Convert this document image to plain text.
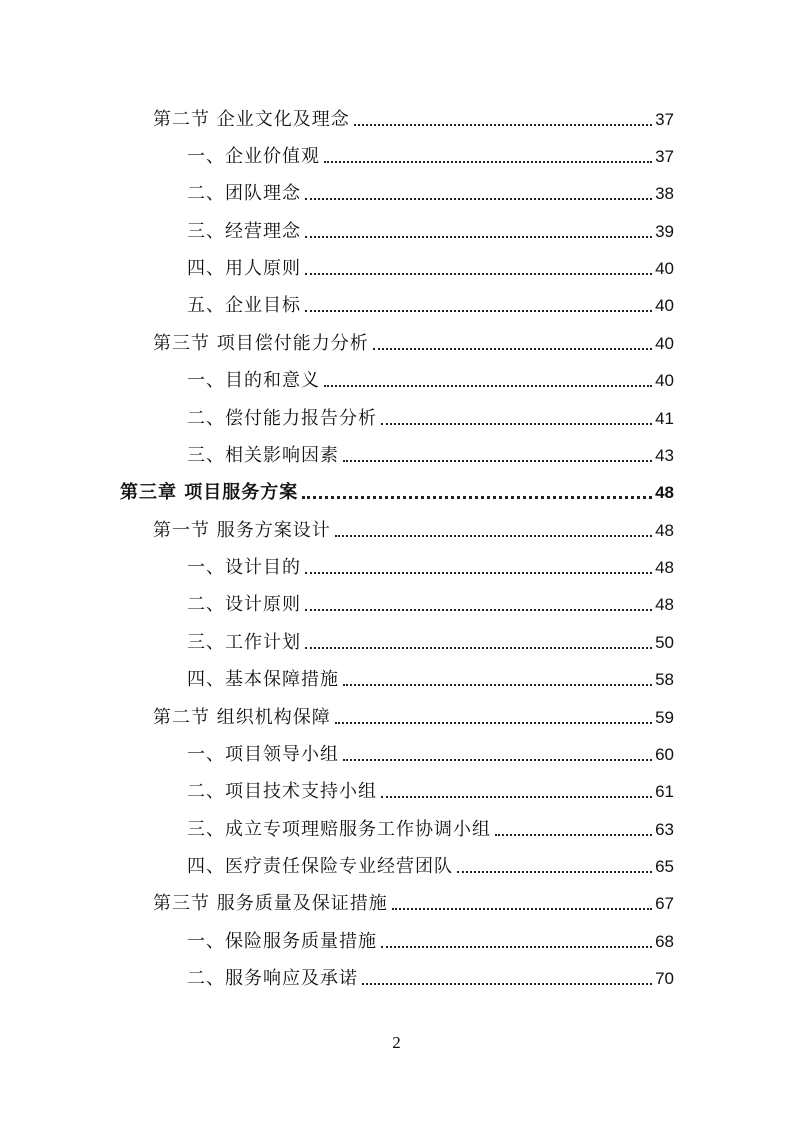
第二节 企业文化及理念	37
一、企业价值观	37
二、团队理念	38
三、经营理念	39
四、用人原则	40
五、企业目标	40
第三节 项目偿付能力分析	40
一、目的和意义	40
二、偿付能力报告分析	41
三、相关影响因素	43
第三章 项目服务方案	48
第一节 服务方案设计	48
一、设计目的	48
二、设计原则	48
三、工作计划	50
四、基本保障措施	58
第二节 组织机构保障	59
一、项目领导小组	60
二、项目技术支持小组	61
三、成立专项理赔服务工作协调小组	63
四、医疗责任保险专业经营团队	65
第三节 服务质量及保证措施	67
一、保险服务质量措施	68
二、服务响应及承诺	70
2
